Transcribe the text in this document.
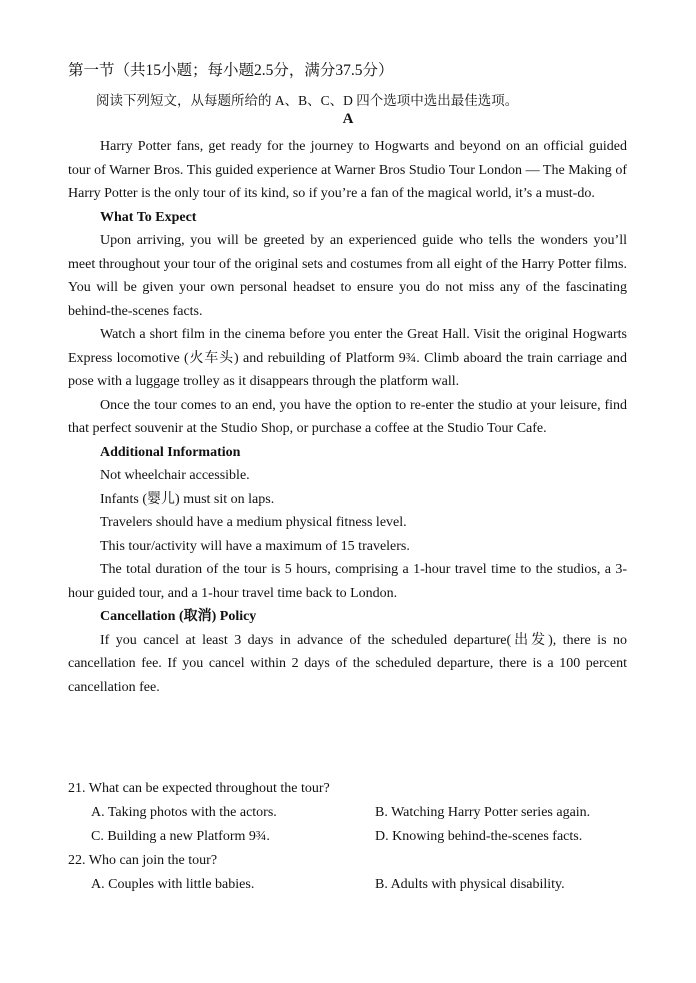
第一节（共15小题；每小题2.5分，满分37.5分）
阅读下列短文，从每题所给的 A、B、C、D 四个选项中选出最佳选项。
A

Harry Potter fans, get ready for the journey to Hogwarts and beyond on an official guided tour of Warner Bros. This guided experience at Warner Bros Studio Tour London — The Making of Harry Potter is the only tour of its kind, so if you’re a fan of the magical world, it’s a must-do.

What To Expect

Upon arriving, you will be greeted by an experienced guide who tells the wonders you’ll meet throughout your tour of the original sets and costumes from all eight of the Harry Potter films. You will be given your own personal headset to ensure you do not miss any of the fascinating behind-the-scenes facts.

Watch a short film in the cinema before you enter the Great Hall. Visit the original Hogwarts Express locomotive (火车头) and rebuilding of Platform 9¾. Climb aboard the train carriage and pose with a luggage trolley as it disappears through the platform wall.

Once the tour comes to an end, you have the option to re-enter the studio at your leisure, find that perfect souvenir at the Studio Shop, or purchase a coffee at the Studio Tour Cafe.

Additional Information
Not wheelchair accessible.
Infants (婴儿) must sit on laps.
Travelers should have a medium physical fitness level.
This tour/activity will have a maximum of 15 travelers.

The total duration of the tour is 5 hours, comprising a 1-hour travel time to the studios, a 3-hour guided tour, and a 1-hour travel time back to London.

Cancellation (取消) Policy

If you cancel at least 3 days in advance of the scheduled departure(出发), there is no cancellation fee. If you cancel within 2 days of the scheduled departure, there is a 100 percent cancellation fee.

21. What can be expected throughout the tour?
A. Taking photos with the actors.	B. Watching Harry Potter series again.
C. Building a new Platform 9¾.	D. Knowing behind-the-scenes facts.
22. Who can join the tour?
A. Couples with little babies.	B. Adults with physical disability.
